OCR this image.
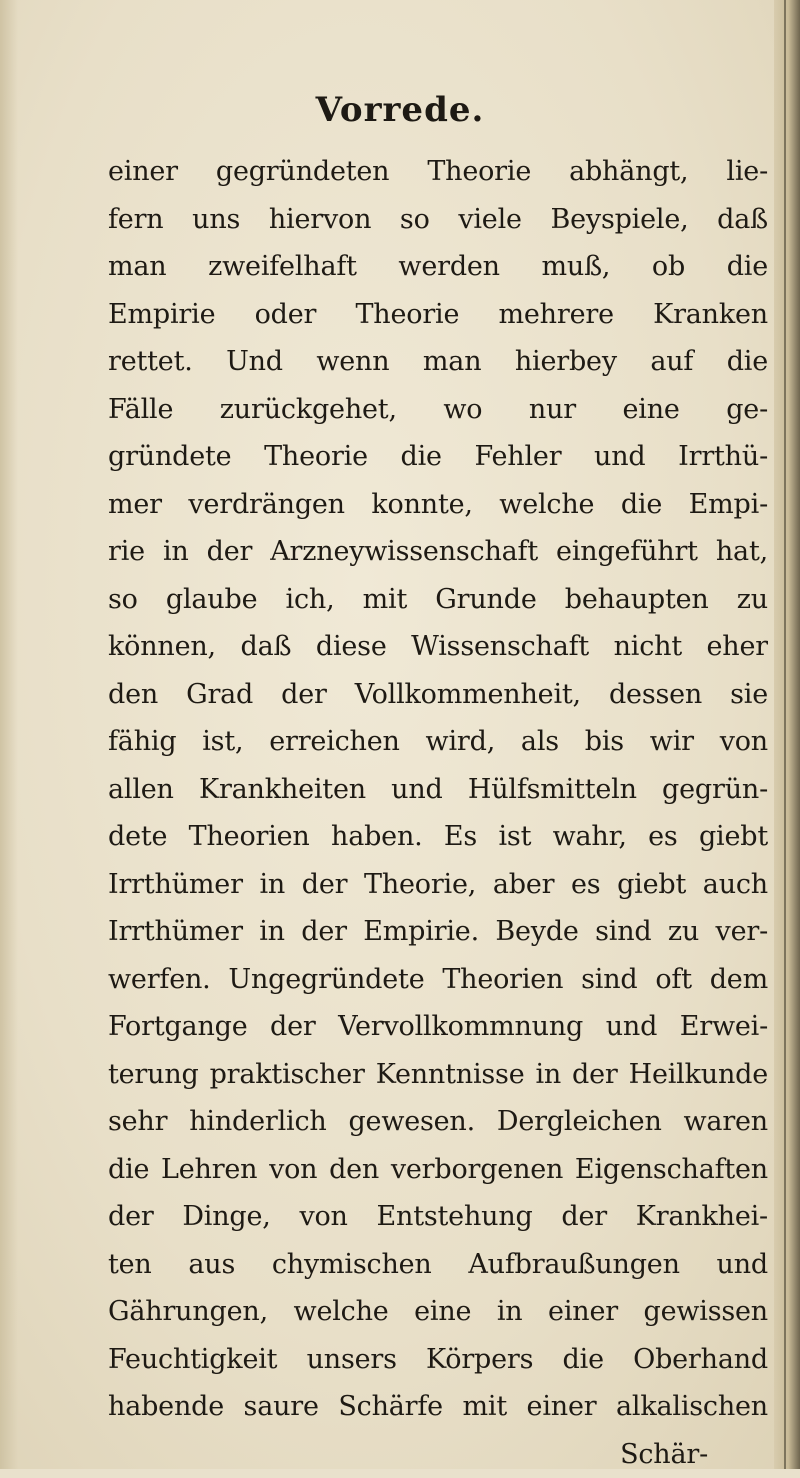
Vorrede.
einer gegründeten Theorie abhängt, lie-
fern uns hiervon so viele Beyspiele, daß
man zweifelhaft werden muß, ob die
Empirie oder Theorie mehrere Kranken
rettet. Und wenn man hierbey auf die
Fälle zurückgehet, wo nur eine ge-
gründete Theorie die Fehler und Irrthü-
mer verdrängen konnte, welche die Empi-
rie in der Arzneywissenschaft eingeführt hat,
so glaube ich, mit Grunde behaupten zu
können, daß diese Wissenschaft nicht eher
den Grad der Vollkommenheit, dessen sie
fähig ist, erreichen wird, als bis wir von
allen Krankheiten und Hülfsmitteln gegrün-
dete Theorien haben. Es ist wahr, es giebt
Irrthümer in der Theorie, aber es giebt auch
Irrthümer in der Empirie. Beyde sind zu ver-
werfen. Ungegründete Theorien sind oft dem
Fortgange der Vervollkommnung und Erwei-
terung praktischer Kenntnisse in der Heilkunde
sehr hinderlich gewesen. Dergleichen waren
die Lehren von den verborgenen Eigenschaften
der Dinge, von Entstehung der Krankhei-
ten aus chymischen Aufbraußungen und
Gährungen, welche eine in einer gewissen
Feuchtigkeit unsers Körpers die Oberhand
habende saure Schärfe mit einer alkalischen
Schär-
